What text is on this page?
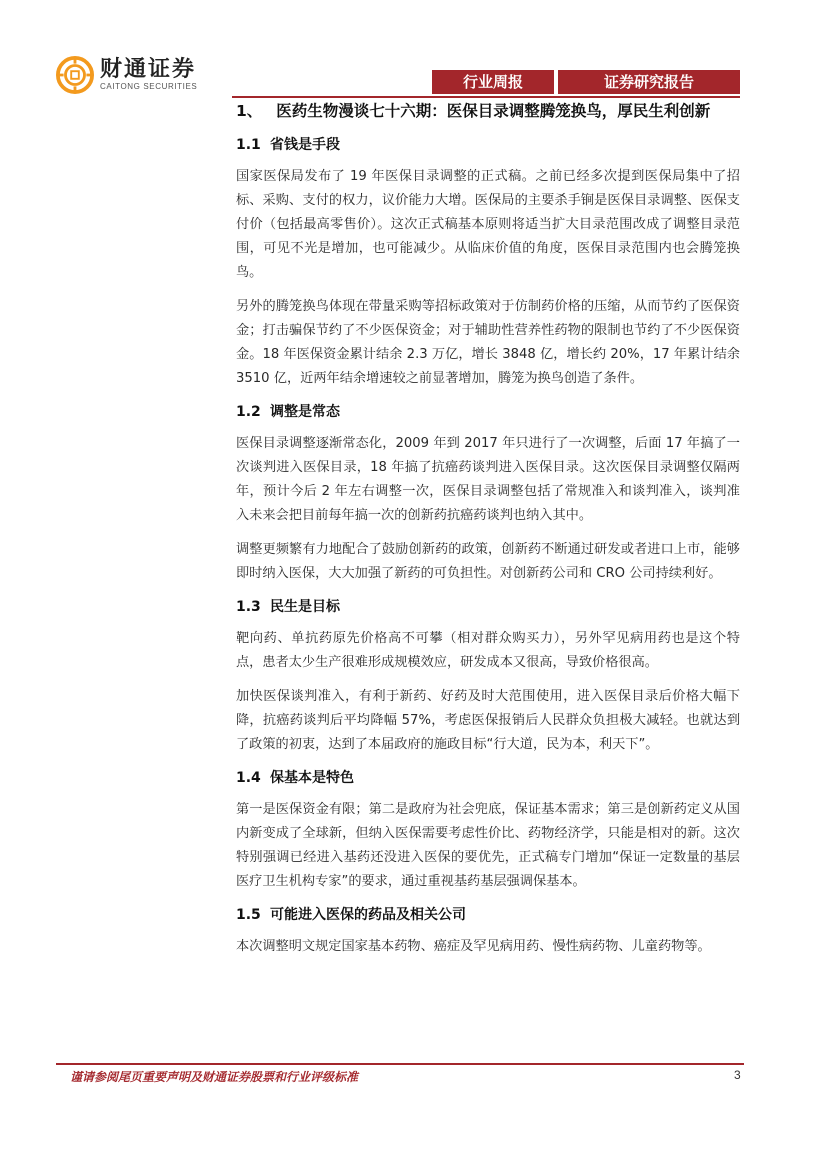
财通证券
CAITONG SECURITIES	行业周报	证券研究报告
1、 医药生物漫谈七十六期：医保目录调整腾笼换鸟，厚民生利创新
1.1 省钱是手段

国家医保局发布了 19 年医保目录调整的正式稿。之前已经多次提到医保局集中了招标、采购、支付的权力，议价能力大增。医保局的主要杀手锏是医保目录调整、医保支付价（包括最高零售价）。这次正式稿基本原则将适当扩大目录范围改成了调整目录范围，可见不光是增加，也可能减少。从临床价值的角度，医保目录范围内也会腾笼换鸟。

另外的腾笼换鸟体现在带量采购等招标政策对于仿制药价格的压缩，从而节约了医保资金；打击骗保节约了不少医保资金；对于辅助性营养性药物的限制也节约了不少医保资金。18 年医保资金累计结余 2.3 万亿，增长 3848 亿，增长约 20%，17 年累计结余 3510 亿，近两年结余增速较之前显著增加，腾笼为换鸟创造了条件。

1.2 调整是常态

医保目录调整逐渐常态化，2009 年到 2017 年只进行了一次调整，后面 17 年搞了一次谈判进入医保目录，18 年搞了抗癌药谈判进入医保目录。这次医保目录调整仅隔两年，预计今后 2 年左右调整一次，医保目录调整包括了常规准入和谈判准入，谈判准入未来会把目前每年搞一次的创新药抗癌药谈判也纳入其中。

调整更频繁有力地配合了鼓励创新药的政策，创新药不断通过研发或者进口上市，能够即时纳入医保，大大加强了新药的可负担性。对创新药公司和 CRO 公司持续利好。

1.3 民生是目标

靶向药、单抗药原先价格高不可攀（相对群众购买力），另外罕见病用药也是这个特点，患者太少生产很难形成规模效应，研发成本又很高，导致价格很高。

加快医保谈判准入，有利于新药、好药及时大范围使用，进入医保目录后价格大幅下降，抗癌药谈判后平均降幅 57%，考虑医保报销后人民群众负担极大减轻。也就达到了政策的初衷，达到了本届政府的施政目标“行大道，民为本，利天下”。

1.4 保基本是特色

第一是医保资金有限；第二是政府为社会兜底，保证基本需求；第三是创新药定义从国内新变成了全球新，但纳入医保需要考虑性价比、药物经济学，只能是相对的新。这次特别强调已经进入基药还没进入医保的要优先，正式稿专门增加“保证一定数量的基层医疗卫生机构专家”的要求，通过重视基药基层强调保基本。

1.5 可能进入医保的药品及相关公司

本次调整明文规定国家基本药物、癌症及罕见病用药、慢性病药物、儿童药物等。

谨请参阅尾页重要声明及财通证券股票和行业评级标准	3
